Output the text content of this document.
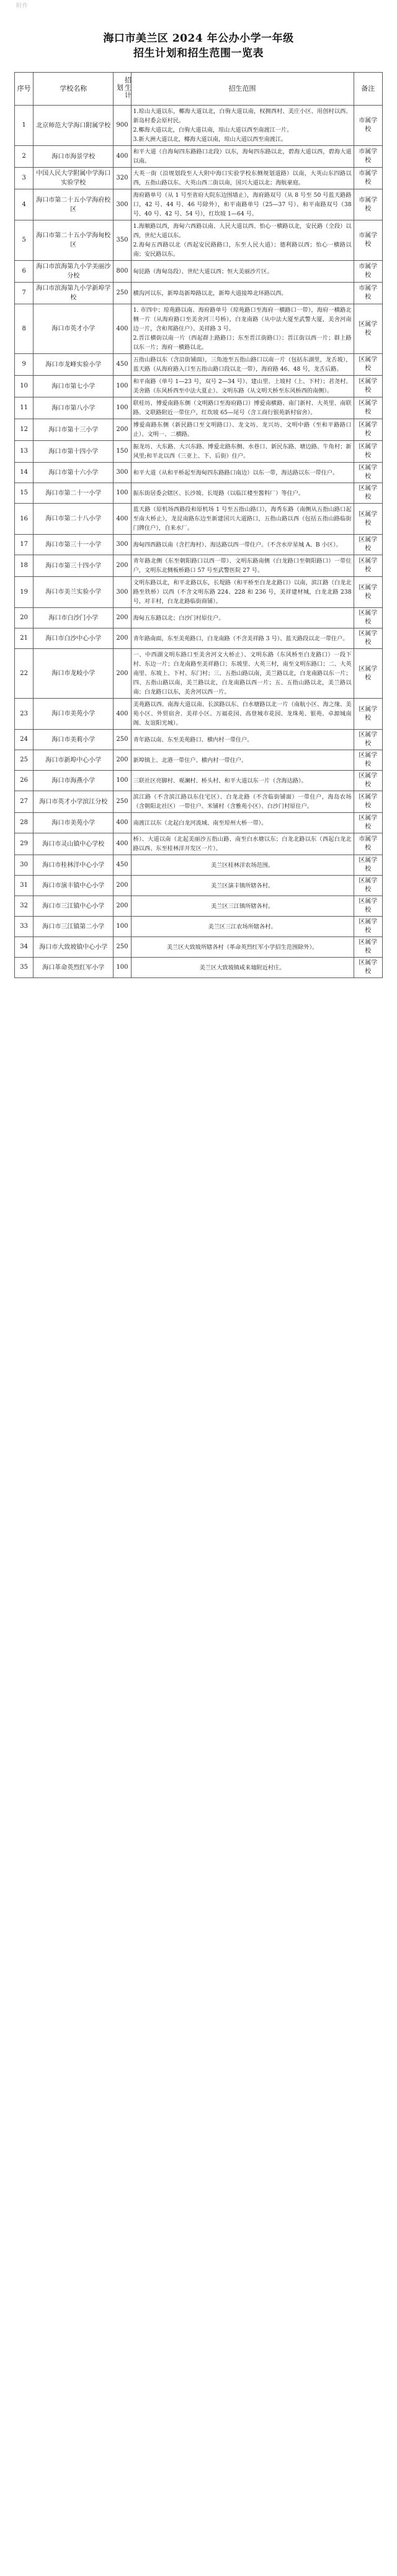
附件
海口市美兰区 2024 年公办小学一年级
招生计划和招生范围一览表
序号	学校名称	招生计划	招生范围	备注
1	北京师范大学海口附属学校	900	1.琼山大道以东，椰海大道以北，白驹大道以南，权拥西村、美庄小区、用创村以西。新岛村委会原村民。

2.椰海大道以北，白驹大道以南，琼山大道以西至南渡江一片。

3.新大洲大道以北，椰海大道以南，琼山大道以西至南渡江。	市属学校
2	海口市海景学校	400	和平大道（自海甸四东路路口北段）以东，海甸四东路以北，碧海大道以西，碧海大道以南。	市属学校
3	中国人民大学附属中学海口实验学校	320	大英一街（沿规划段至人大附中海口实验学校东侧规划道路）以南，大英山东四路以西，五指山路以东、大英山西二街以南，国兴大道以北；海航豪庭。	市属学校
4	海口市第二十五小学海府校区	300	海府路单号（从 1 号至省府大院东边围墙止），海府路双号（从 8 号至 50 号蓝天路路口，42 号、44 号、46 号除外），和平南路单号（25—37 号）、和平南路双号（38 号、40 号、42 号、54 号），红坎坡 1—64 号。	市属学校
5	海口市第二十五小学海甸校区	350	1.海顺路以西，海甸六西路以南、人民大道以西、怡心一横路以北，安民路（全段）以西，世纪大道以东。

2.海甸五西路以北（西起安民路路口，东至人民大道）；德利路以西；怡心一横路以南；安民路以东。	市属学校
6	海口市滨海第九小学美丽沙分校	800	甸昆路（海甸岛段）、世纪大道以西；恒大美丽沙片区。	市属学校
7	海口市滨海第九小学新埠学校	250	横沟河以东，新埠岛新埠路以北，新埠大道接埠北环路以西。	市属学校
8	海口市英才小学	400	1. 市四中；琼苑路以南、海府路单号（琼苑路口至海府一横路口一带），海府一横路北侧一片（从海府路口至美舍河三号桥），白龙南路（从中法大厦至武警大厦，美舍河南边一片，含和邦路住户）、美祥路 3 号。

2.晋江横街以南一片（西起群上路路口；东至晋江街路口）；晋江街以西一片；群上路以东一片；海府一横路以北。	区属学校
9	海口市龙峰实验小学	450	五指山路以东（含沿街铺面），三角池至五指山路口以南一片（包括东湖里，龙舌坡），蓝天路（从海府路入口至五指山路口段以北一带），海府路 46、48 号，龙舌后路。	区属学校
10	海口市第七小学	100	和平南路（单号 1—23 号，双号 2—34 号）、建山里、上坡村（上、下村）；君尧村、美舍路（东风桥西至中法大夏止）、文明东路（从文明天桥至东风桥西的南侧）。	区属学校
11	海口市第八小学	100	联桂坊、博爱南路东侧（文明路口至海府路口）博爱南横路、南门新村、大英里、南联路、文联路附近一带住户，红坎坡 65—尾号（含工商行银苑新村宿舍）。	区属学校
12	海口市第十三小学	200	博爱南路东侧（新民路口至文明路口）、龙文坊、龙兴坊、文明中路（至和平路路口止）、文明一、二横路。	区属学校
13	海口市第十四小学	150	振龙坊、大东路、大兴东路、博爱北路东侧、水巷口、新民东路、塘边路、牛角村；新风里;和平北以西（三亚上、下、后街）住户。	区属学校
14	海口市第十六小学	300	和平大道（从和平桥起至海甸四东路路口南边）以东一带，海达路以东一带住户。	区属学校
15	海口市第二十一小学	100	振东街居委会辖区、长沙坡、长堤路（以临江楼至酱料厂）等住户。	区属学校
16	海口市第二十八小学	400	蓝天路（原机场西路段和原机场 1 号至五指山路口），海秀东路（南侧从五指山路口起至南大桥止），龙昆南路东边至新建国兴大道路口，五指山路以西（包括五指山路临街门牌住户），自来水厂。	区属学校
17	海口市第三十一小学	300	海甸四西路以南（含拦海村）、海达路以西一带住户。（不含水岸星城 A、B 小区）。	区属学校
18	海口市第三十四小学	200	青年路北侧（东至朝阳路口以西一带）、文明东路南侧（白龙路口至朝阳路口）一带住户，文明东北侧板桥路口 57 号至武警医院 27 号。	区属学校
19	海口市美兰实验小学	300	文明东路以北，和平北路以东，长堤路（和平桥至白龙北路口）以南，滨江路（白龙北路至铁桥）以西（不含文明东路 224、228 和 236 号，美祥建材城，白龙北路 238 号，对丰村，白龙北路临街商铺）。	区属学校
20	海口市白沙门小学	200	海甸五东路以北；白沙门村原住户。	区属学校
21	海口市白沙中心小学	200	青年路南面，东至美苑路口，白龙南路（不含美祥路 3 号）、蓝天路段以北一带住户。	区属学校
22	海口市龙岐小学	200	一、中西湖文明东路口至美舍河文大桥止）、文明东路（东风桥至白龙路口）一段下村、东边一片；白龙南路至美祥路口；东坡里、大英三村，南至文明东路口；二、大英南里、东坡上、下村、东门村；三、五指山路以南，美兰路以北，白龙南路以东一片；四、五指山路以南，美兰路以北，白龙南路以西一片；五、五指山路以北，美兰路以南；白龙路口以东，美舍河以西一片。	区属学校
23	海口市美苑小学	400	美苑路以西、南海大道以南、长滨路以东、白水塘路以北一片（南航小区、海之缘、美苑小区、外贸宿舍、美祥小区、万福花园、高登城市花园、龙珠苑、银苑、卓源城南阁、友谊阳光城）。	区属学校
24	海口市美莉小学	250	青年路以南、东至美苑路口、横内村一带住户。	区属学校
25	海口市新埠中心小学	200	新埠镇上、北港一带住户、横内村一带住户。	区属学校
26	海口市海燕小学	100	三联社区亮脚村、观澜村、桥头村、和平大道以东一片（含海达路）。	区属学校
27	海口市英才小学滨江分校	250	滨江路（不含滨江路以东住宅区）、白龙北路（不含临街铺面）一带住户，海岛农场（含朝阳北社区）一带住户、米铺村（含雅苑小区）、白沙门村原住户。	区属学校
28	海口市美苑小学	400	南渡江以东（北起白龙河流域、南至琼州大桥一带）。	区属学校
29	海口市灵山镇中心学校	400	桥）、大道以南（北起美丽沙五指山路、南至白水塘以东；白龙北路以东（西起白龙北路以西、东至桂林洋开发区一片）。	市属学校
30	海口市桂林洋中心小学	450	美兰区桂林洋农场范围。	区属学校
31	海口市演丰镇中心小学	200	美兰区演丰镇所辖各村。	区属学校
32	海口市三江镇中心小学	200	美兰区三江镇所辖各村。	区属学校
33	海口市三江镇第二小学	100	美兰区三江农场所辖各村。	区属学校
34	海口市大致坡镇中心小学	250	美兰区大致坡所辖各村（革命英烈红军小学招生范围除外）。	区属学校
35	海口革命英烈红军小学	100	美兰区大致坡镇咸来墟附近村庄。	区属学校
